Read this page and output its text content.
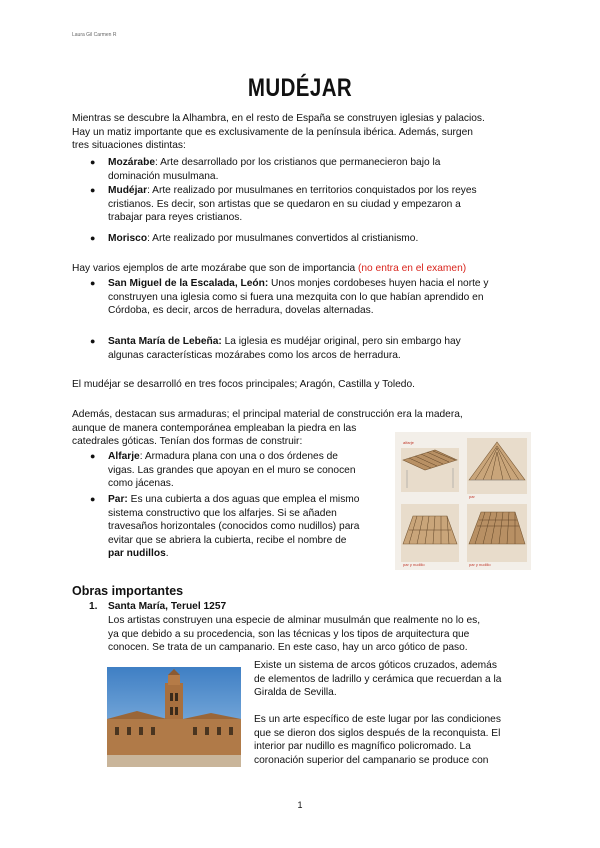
Laura Gil Carmen R
MUDÉJAR
Mientras se descubre la Alhambra, en el resto de España se construyen iglesias y palacios.
Hay un matiz importante que es exclusivamente de la península ibérica. Además, surgen
tres situaciones distintas:
● Mozárabe: Arte desarrollado por los cristianos que permanecieron bajo la
dominación musulmana.
● Mudéjar: Arte realizado por musulmanes en territorios conquistados por los reyes
cristianos. Es decir, son artistas que se quedaron en su ciudad y empezaron a
trabajar para reyes cristianos.
● Morisco: Arte realizado por musulmanes convertidos al cristianismo.
Hay varios ejemplos de arte mozárabe que son de importancia (no entra en el examen)
● San Miguel de la Escalada, León: Unos monjes cordobeses huyen hacia el norte y
construyen una iglesia como si fuera una mezquita con lo que habían aprendido en
Córdoba, es decir, arcos de herradura, dovelas alternadas.
● Santa María de Lebeña: La iglesia es mudéjar original, pero sin embargo hay
algunas características mozárabes como los arcos de herradura.
El mudéjar se desarrolló en tres focos principales; Aragón, Castilla y Toledo.
Además, destacan sus armaduras; el principal material de construcción era la madera,
aunque de manera contemporánea empleaban la piedra en las
catedrales góticas. Tenían dos formas de construir:
● Alfarje: Armadura plana con una o dos órdenes de
vigas. Las grandes que apoyan en el muro se conocen
como jácenas.
● Par: Es una cubierta a dos aguas que emplea el mismo
sistema constructivo que los alfarjes. Si se añaden
travesaños horizontales (conocidos como nudillos) para
evitar que se abriera la cubierta, recibe el nombre de
par nudillos.
alfarje
par
par y nudillo	par y nudillo
Obras importantes
1. Santa María, Teruel 1257
Los artistas construyen una especie de alminar musulmán que realmente no lo es,
ya que debido a su procedencia, son las técnicas y los tipos de arquitectura que
conocen. Se trata de un campanario. En este caso, hay un arco gótico de paso.
Existe un sistema de arcos góticos cruzados, además
de elementos de ladrillo y cerámica que recuerdan a la
Giralda de Sevilla.
Es un arte específico de este lugar por las condiciones
que se dieron dos siglos después de la reconquista. El
interior par nudillo es magnífico policromado. La
coronación superior del campanario se produce con
1
